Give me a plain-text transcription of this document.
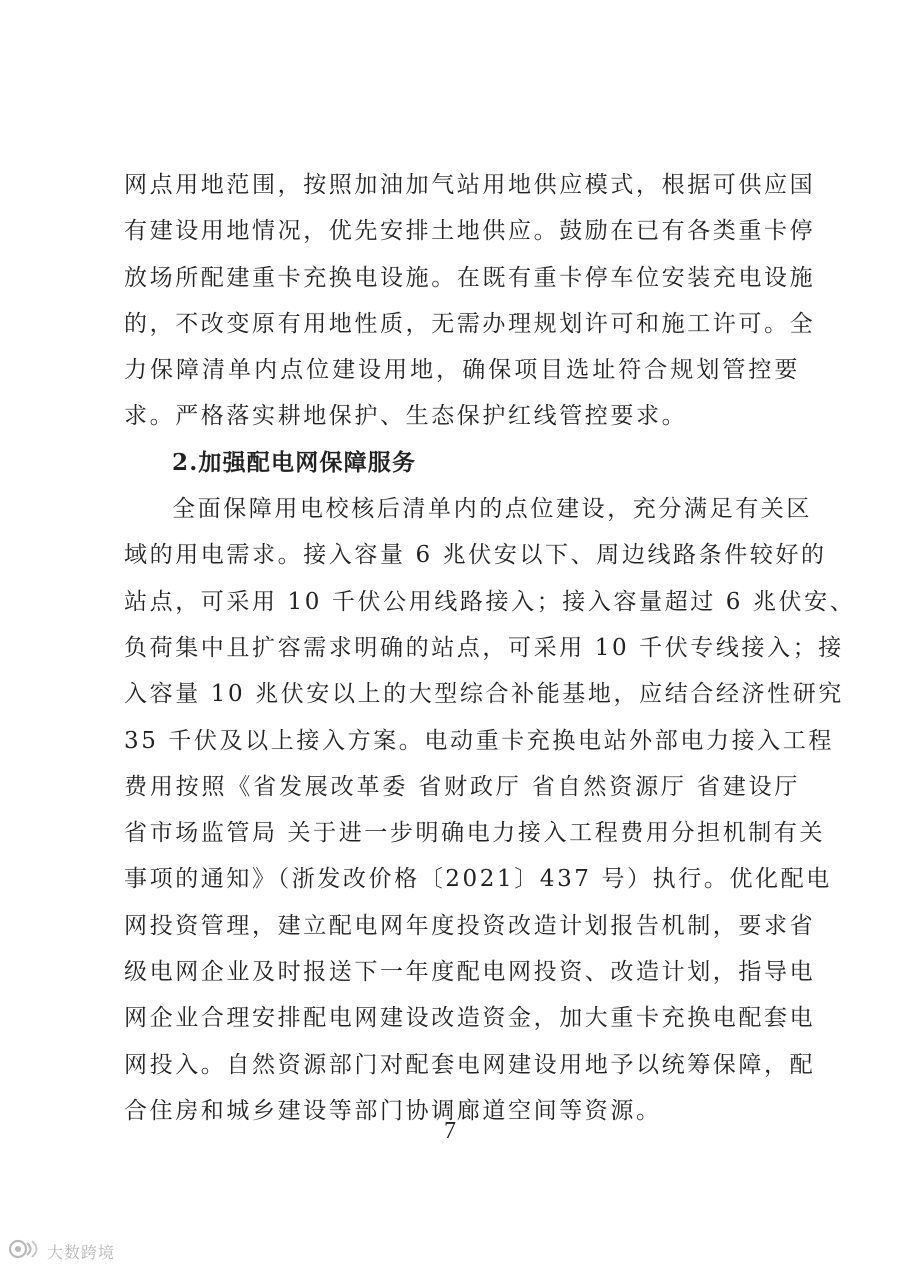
网点用地范围，按照加油加气站用地供应模式，根据可供应国
有建设用地情况，优先安排土地供应。鼓励在已有各类重卡停
放场所配建重卡充换电设施。在既有重卡停车位安装充电设施
的，不改变原有用地性质，无需办理规划许可和施工许可。全
力保障清单内点位建设用地，确保项目选址符合规划管控要
求。严格落实耕地保护、生态保护红线管控要求。
2.加强配电网保障服务
全面保障用电校核后清单内的点位建设，充分满足有关区
域的用电需求。接入容量 6 兆伏安以下、周边线路条件较好的
站点，可采用 10 千伏公用线路接入；接入容量超过 6 兆伏安、
负荷集中且扩容需求明确的站点，可采用 10 千伏专线接入；接
入容量 10 兆伏安以上的大型综合补能基地，应结合经济性研究
35 千伏及以上接入方案。电动重卡充换电站外部电力接入工程
费用按照《省发展改革委 省财政厅 省自然资源厅 省建设厅
省市场监管局 关于进一步明确电力接入工程费用分担机制有关
事项的通知》（浙发改价格〔2021〕437 号）执行。优化配电
网投资管理，建立配电网年度投资改造计划报告机制，要求省
级电网企业及时报送下一年度配电网投资、改造计划，指导电
网企业合理安排配电网建设改造资金，加大重卡充换电配套电
网投入。自然资源部门对配套电网建设用地予以统筹保障，配
合住房和城乡建设等部门协调廊道空间等资源。
7
大数跨境
